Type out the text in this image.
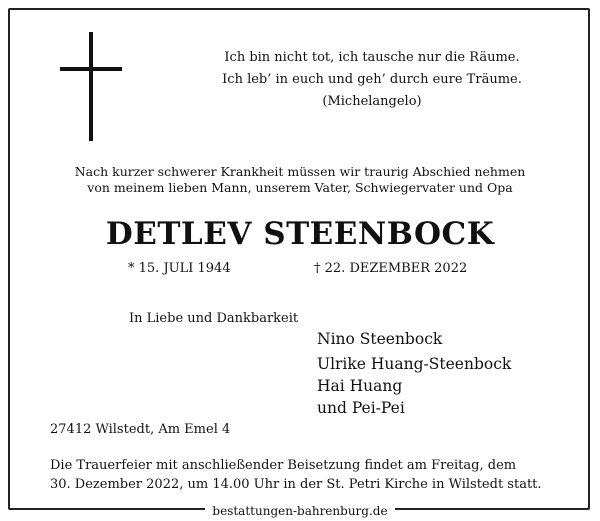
Ich bin nicht tot, ich tausche nur die Räume.
Ich leb’ in euch und geh’ durch eure Träume.
(Michelangelo)
Nach kurzer schwerer Krankheit müssen wir traurig Abschied nehmen
von meinem lieben Mann, unserem Vater, Schwiegervater und Opa
DETLEV STEENBOCK
* 15. JULI 1944	† 22. DEZEMBER 2022
In Liebe und Dankbarkeit
Nino Steenbock
Ulrike Huang-Steenbock
Hai Huang
und Pei-Pei
27412 Wilstedt, Am Emel 4
Die Trauerfeier mit anschließender Beisetzung findet am Freitag, dem
30. Dezember 2022, um 14.00 Uhr in der St. Petri Kirche in Wilstedt statt.
bestattungen-bahrenburg.de
